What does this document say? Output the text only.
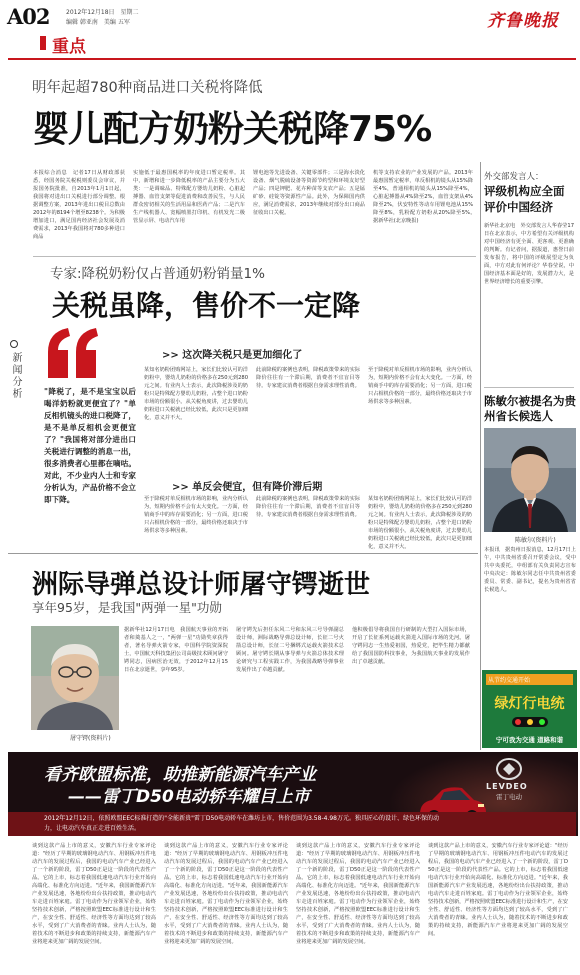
A02	2012年12月18日　星期二
编辑 韩亚南　美编 五军
重点
齐鲁晚报
明年起超780种商品进口关税将降低
婴儿配方奶粉关税降75%
本报综合消息　记者17日从财政部获悉，经国务院关税税则委员会审议，并报国务院批准，自2013年1月1日起，我国将对进出口关税进行部分调整。根据调整方案，2013年进出口税目总数由2012年的8194个增至8238个。为积极增加进口，满足国内经济社会发展及消费需求，2013年我国将对780多种进口商品
实施低于最惠国税率的年度进口暂定税率。其中，新增和进一步降低税率的产品主要分为五大类：一是调味品、特殊配方婴幼儿奶粉、心脏起搏器、血管支架等促进消费和改善民生，与人民群众密切相关的生活用品和医药产品；二是汽车生产线机器人、宽幅喷墨打印机、有机发光二极管显示屏、电动汽车用
锂电池等先进设备、关键零部件；三是海水淡化设备、烟气脱硫设备等资源节约型和环境友好型产品；四是钾肥、花卉种苗等支农产品；五是锰矿砂、硅锭等资源性产品。此外，为保障国内供应，满足消费需求，2013年继续对部分出口商品征收出口关税。
机等支持农业的产业发展的产品。2013年最惠国暂定税率，单反相机的镜头从15%降至4%，普通相机的镜头从15%降至4%，心脏起搏器从4%降至2%，血管支架从4%降至2%，伏安特性等动车用锂电池从15%降至8%，乳粉配方奶粉从20%降至5%。　据新华社(北京晚报)
专家:降税奶粉仅占普通奶粉销量1%
关税虽降，售价不一定降
新闻分析	"降税了，是不是宝宝以后喝洋奶粉就更便宜了？"单反相机镜头的进口税降了，是不是单反相机会更便宜了？"我国将对部分进出口关税进行调整的消息一出，很多消费者心里都在嘀咕。对此，不少业内人士和专家分析认为，产品价格不会立即下降。
>> 这次降关税只是更加细化了
某知名奶粉团购网站上，家长们比较认可的洋奶粉中，婴幼儿奶粉的价格多在250元到280元之间。有业内人士表示，此次降税涉及的奶粉只是特殊配方婴幼儿奶粉，占整个进口奶粉市场的份额很小。从关税角度讲，过去婴幼儿奶粉进口关税就已经比较低，此次只是更加细化，意义并不大。
此前降税的案例也表明，降税政策带来的实际降价往往有一个滞后期，消费者不宜盲目等待。专家建议消费者根据自身需求理性消费。
至于降税对单反相机市场的影响，业内分析认为，短期内价格不会有太大变化。一方面，经销商手中的库存需要消化；另一方面，进口税只占相机价格的一部分，最终价格还取决于市场供求等多种因素。
>> 单反会便宜，但有降价滞后期
至于降税对单反相机市场的影响，业内分析认为，短期内价格不会有太大变化。一方面，经销商手中的库存需要消化；另一方面，进口税只占相机价格的一部分，最终价格还取决于市场供求等多种因素。
此前降税的案例也表明，降税政策带来的实际降价往往有一个滞后期，消费者不宜盲目等待。专家建议消费者根据自身需求理性消费。
某知名奶粉团购网站上，家长们比较认可的洋奶粉中，婴幼儿奶粉的价格多在250元到280元之间。有业内人士表示，此次降税涉及的奶粉只是特殊配方婴幼儿奶粉，占整个进口奶粉市场的份额很小。从关税角度讲，过去婴幼儿奶粉进口关税就已经比较低，此次只是更加细化，意义并不大。
外交部发言人：
评级机构应全面评价中国经济
新华社北京电　外交部发言人华春莹17日在北京表示，中方希望有关评级机构对中国经济有更全面、更客观、更准确的判断。有记者问，据报道，惠誉日前发布报告，将中国的评级展望定为负面，中方对此有何评论？华春莹说，中国经济基本面是好的，发展潜力大，是世界经济增长的重要引擎。
陈敏尔被提名为贵州省长候选人
陈敏尔(资料片)
本报讯　据贵州日报消息，12月17日上午，中共贵州省委召开常委会议，受中共中央委托，中组部有关负责同志宣布中央决定：陈敏尔同志任中共贵州省委委员、常委、副书记，提名为贵州省省长候选人。
从节约交通开始
绿灯行电统
宁可我为交通 道路和谐
洲际导弹总设计师屠守锷逝世
享年95岁，是我国"两弹一星"功勋
屠守锷(资料片)
据新华社12月17日电　我国航天事业的开拓者和奠基人之一，"两弹一星"功勋奖章获得者，著名导弹火箭专家，中国科学院资深院士，中国航天科技集团公司高级技术顾问屠守锷同志，因病医治无效，于2012年12月15日在北京逝世，享年95岁。
屠守锷先后担任东风二号和东风三号导弹副总设计师，洲际战略导弹总设计师，长征二号火箭总设计师，长征二号捆绑式运载火箭技术总顾问。屠守锷长期从事导弹与火箭总体技术理论研究与工程实践工作，为我国战略导弹事业发展作出了卓越贡献。
他积极倡导将我国自行研制的大型打入国际市场，开启了长征系列运载火箭进入国际市场的先河。屠守锷同志一生热爱祖国，热爱党，把毕生精力都献给了我国国防科技事业，为我国航天事业的发展作出了卓越贡献。
看齐欧盟标准，助推新能源汽车产业
——雷丁D50电动轿车耀目上市
LEVDEO
雷丁电动
2012年12月12日，依照欧盟EEC标准打造的"全能新贵"雷丁D50电动轿车在潍坊上市，售价范围为3.58-4.98万元。独具匠心的设计、绿色环保的动力，让电动汽车真正走进百姓生活。
谈到这款产品上市的意义，安徽汽车行业专家评论道："经历了早期的玻璃钢电动汽车、用钢板冲压件电动汽车的发展过程后，我国的电动汽车产业已经进入了一个新的阶段，雷丁D50正是这一阶段的代表性产品。它的上市，标志着我国低速电动汽车行业开始向高端化、标准化方向迈进。"近年来，我国新能源汽车产业发展迅速，各地纷纷出台扶持政策，推动电动汽车走进百姓家庭。雷丁电动作为行业领军企业，始终坚持技术创新，严格按照欧盟EEC标准进行设计和生产，在安全性、舒适性、经济性等方面均达到了较高水平，受到了广大消费者的青睐。业内人士认为，随着技术的不断进步和政策的持续支持，新能源汽车产业将迎来更加广阔的发展空间。
谈到这款产品上市的意义，安徽汽车行业专家评论道："经历了早期的玻璃钢电动汽车、用钢板冲压件电动汽车的发展过程后，我国的电动汽车产业已经进入了一个新的阶段，雷丁D50正是这一阶段的代表性产品。它的上市，标志着我国低速电动汽车行业开始向高端化、标准化方向迈进。"近年来，我国新能源汽车产业发展迅速，各地纷纷出台扶持政策，推动电动汽车走进百姓家庭。雷丁电动作为行业领军企业，始终坚持技术创新，严格按照欧盟EEC标准进行设计和生产，在安全性、舒适性、经济性等方面均达到了较高水平，受到了广大消费者的青睐。业内人士认为，随着技术的不断进步和政策的持续支持，新能源汽车产业将迎来更加广阔的发展空间。
谈到这款产品上市的意义，安徽汽车行业专家评论道："经历了早期的玻璃钢电动汽车、用钢板冲压件电动汽车的发展过程后，我国的电动汽车产业已经进入了一个新的阶段，雷丁D50正是这一阶段的代表性产品。它的上市，标志着我国低速电动汽车行业开始向高端化、标准化方向迈进。"近年来，我国新能源汽车产业发展迅速，各地纷纷出台扶持政策，推动电动汽车走进百姓家庭。雷丁电动作为行业领军企业，始终坚持技术创新，严格按照欧盟EEC标准进行设计和生产，在安全性、舒适性、经济性等方面均达到了较高水平，受到了广大消费者的青睐。业内人士认为，随着技术的不断进步和政策的持续支持，新能源汽车产业将迎来更加广阔的发展空间。
谈到这款产品上市的意义，安徽汽车行业专家评论道："经历了早期的玻璃钢电动汽车、用钢板冲压件电动汽车的发展过程后，我国的电动汽车产业已经进入了一个新的阶段，雷丁D50正是这一阶段的代表性产品。它的上市，标志着我国低速电动汽车行业开始向高端化、标准化方向迈进。"近年来，我国新能源汽车产业发展迅速，各地纷纷出台扶持政策，推动电动汽车走进百姓家庭。雷丁电动作为行业领军企业，始终坚持技术创新，严格按照欧盟EEC标准进行设计和生产，在安全性、舒适性、经济性等方面均达到了较高水平，受到了广大消费者的青睐。业内人士认为，随着技术的不断进步和政策的持续支持，新能源汽车产业将迎来更加广阔的发展空间。
